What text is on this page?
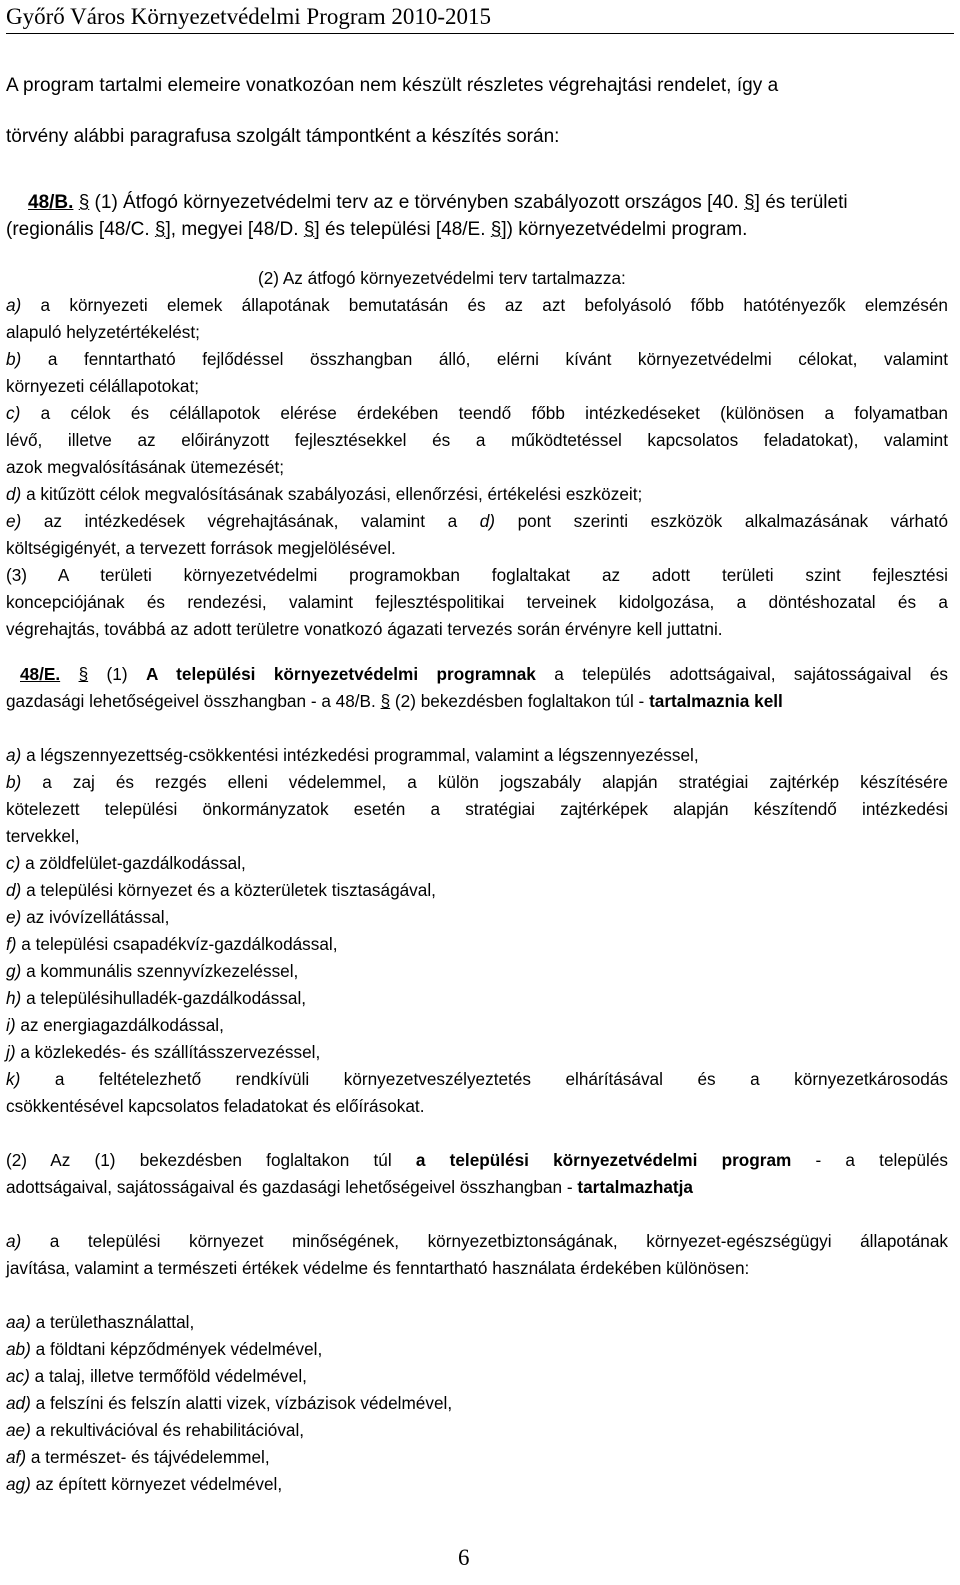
Győrő Város Környezetvédelmi Program 2010-2015
A program tartalmi elemeire vonatkozóan nem készült részletes végrehajtási rendelet, így a
törvény alábbi paragrafusa szolgált támpontként a készítés során:
48/B. § (1) Átfogó környezetvédelmi terv az e törvényben szabályozott országos [40. §] és területi
(regionális [48/C. §], megyei [48/D. §] és települési [48/E. §]) környezetvédelmi program.
(2) Az átfogó környezetvédelmi terv tartalmazza:
a) a környezeti elemek állapotának bemutatásán és az azt befolyásoló főbb hatótényezők elemzésén
alapuló helyzetértékelést;
b) a fenntartható fejlődéssel összhangban álló, elérni kívánt környezetvédelmi célokat, valamint
környezeti célállapotokat;
c) a célok és célállapotok elérése érdekében teendő főbb intézkedéseket (különösen a folyamatban
lévő, illetve az előirányzott fejlesztésekkel és a működtetéssel kapcsolatos feladatokat), valamint
azok megvalósításának ütemezését;
d) a kitűzött célok megvalósításának szabályozási, ellenőrzési, értékelési eszközeit;
e) az intézkedések végrehajtásának, valamint a d) pont szerinti eszközök alkalmazásának várható
költségigényét, a tervezett források megjelölésével.
(3) A területi környezetvédelmi programokban foglaltakat az adott területi szint fejlesztési
koncepciójának és rendezési, valamint fejlesztéspolitikai terveinek kidolgozása, a döntéshozatal és a
végrehajtás, továbbá az adott területre vonatkozó ágazati tervezés során érvényre kell juttatni.
48/E. § (1) A települési környezetvédelmi programnak a település adottságaival, sajátosságaival és
gazdasági lehetőségeivel összhangban - a 48/B. § (2) bekezdésben foglaltakon túl - tartalmaznia kell
a) a légszennyezettség-csökkentési intézkedési programmal, valamint a légszennyezéssel,
b) a zaj és rezgés elleni védelemmel, a külön jogszabály alapján stratégiai zajtérkép készítésére
kötelezett települési önkormányzatok esetén a stratégiai zajtérképek alapján készítendő intézkedési
tervekkel,
c) a zöldfelület-gazdálkodással,
d) a települési környezet és a közterületek tisztaságával,
e) az ivóvízellátással,
f) a települési csapadékvíz-gazdálkodással,
g) a kommunális szennyvízkezeléssel,
h) a településihulladék-gazdálkodással,
i) az energiagazdálkodással,
j) a közlekedés- és szállításszervezéssel,
k) a feltételezhető rendkívüli környezetveszélyeztetés elhárításával és a környezetkárosodás
csökkentésével kapcsolatos feladatokat és előírásokat.
(2) Az (1) bekezdésben foglaltakon túl a települési környezetvédelmi program - a település
adottságaival, sajátosságaival és gazdasági lehetőségeivel összhangban - tartalmazhatja
a) a települési környezet minőségének, környezetbiztonságának, környezet-egészségügyi állapotának
javítása, valamint a természeti értékek védelme és fenntartható használata érdekében különösen:
aa) a területhasználattal,
ab) a földtani képződmények védelmével,
ac) a talaj, illetve termőföld védelmével,
ad) a felszíni és felszín alatti vizek, vízbázisok védelmével,
ae) a rekultivációval és rehabilitációval,
af) a természet- és tájvédelemmel,
ag) az épített környezet védelmével,
6
